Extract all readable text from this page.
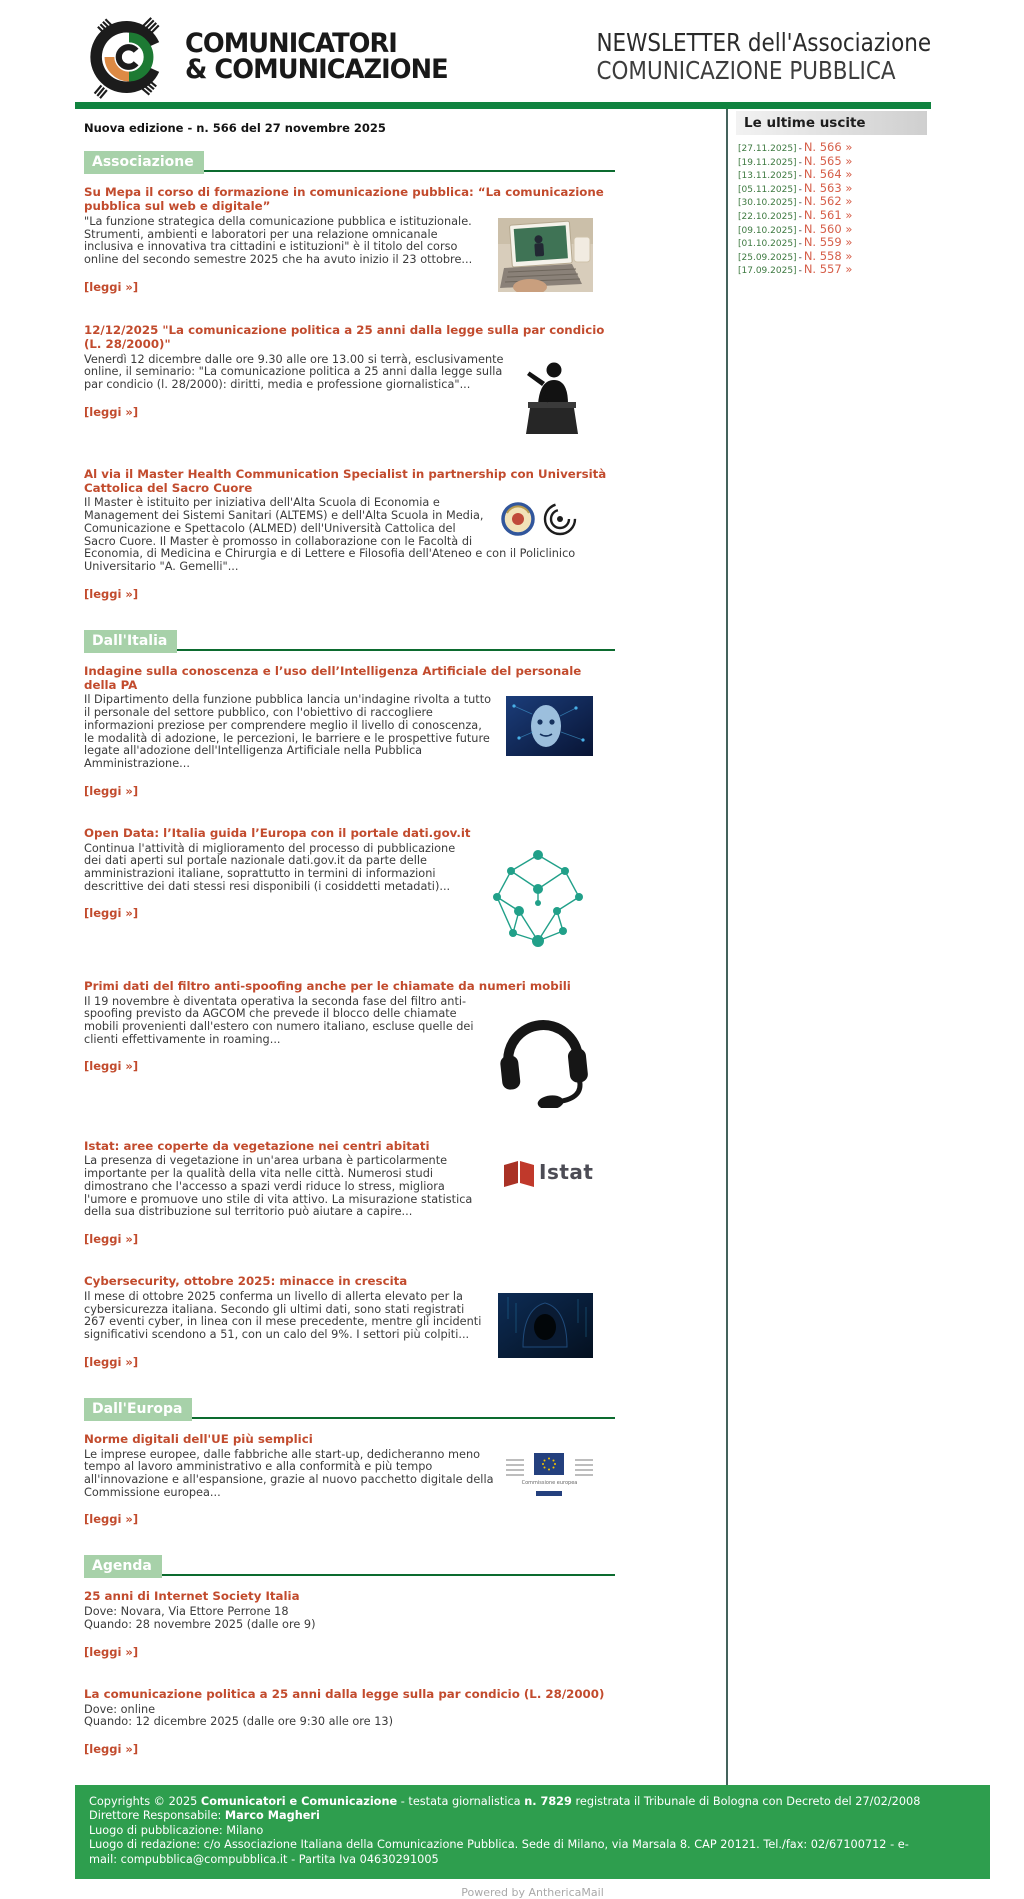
COMUNICATORI
& COMUNICAZIONE
NEWSLETTER dell'Associazione
COMUNICAZIONE PUBBLICA

Nuova edizione - n. 566 del 27 novembre 2025

Associazione
Su Mepa il corso di formazione in comunicazione pubblica: “La comunicazione pubblica sul web e digitale”

"La funzione strategica della comunicazione pubblica e istituzionale. Strumenti, ambienti e laboratori per una relazione omnicanale inclusiva e innovativa tra cittadini e istituzioni" è il titolo del corso online del secondo semestre 2025 che ha avuto inizio il 23 ottobre...

[leggi »]
12/12/2025 "La comunicazione politica a 25 anni dalla legge sulla par condicio (L. 28/2000)"

Venerdì 12 dicembre dalle ore 9.30 alle ore 13.00 si terrà, esclusivamente online, il seminario: "La comunicazione politica a 25 anni dalla legge sulla par condicio (l. 28/2000): diritti, media e professione giornalistica"...

[leggi »]
Al via il Master Health Communication Specialist in partnership con Università Cattolica del Sacro Cuore

Il Master è istituito per iniziativa dell'Alta Scuola di Economia e Management dei Sistemi Sanitari (ALTEMS) e dell'Alta Scuola in Media, Comunicazione e Spettacolo (ALMED) dell'Università Cattolica del Sacro Cuore. Il Master è promosso in collaborazione con le Facoltà di Economia, di Medicina e Chirurgia e di Lettere e Filosofia dell'Ateneo e con il Policlinico Universitario "A. Gemelli"...

[leggi »]
Dall'Italia
Indagine sulla conoscenza e l’uso dell’Intelligenza Artificiale del personale della PA

Il Dipartimento della funzione pubblica lancia un'indagine rivolta a tutto il personale del settore pubblico, con l'obiettivo di raccogliere informazioni preziose per comprendere meglio il livello di conoscenza, le modalità di adozione, le percezioni, le barriere e le prospettive future legate all'adozione dell'Intelligenza Artificiale nella Pubblica Amministrazione...

[leggi »]
Open Data: l’Italia guida l’Europa con il portale dati.gov.it

Continua l'attività di miglioramento del processo di pubblicazione dei dati aperti sul portale nazionale dati.gov.it da parte delle amministrazioni italiane, soprattutto in termini di informazioni descrittive dei dati stessi resi disponibili (i cosiddetti metadati)...

[leggi »]
Primi dati del filtro anti-spoofing anche per le chiamate da numeri mobili

Il 19 novembre è diventata operativa la seconda fase del filtro anti-spoofing previsto da AGCOM che prevede il blocco delle chiamate mobili provenienti dall'estero con numero italiano, escluse quelle dei clienti effettivamente in roaming...

[leggi »]
Istat: aree coperte da vegetazione nei centri abitati
Istat

La presenza di vegetazione in un'area urbana è particolarmente importante per la qualità della vita nelle città. Numerosi studi dimostrano che l'accesso a spazi verdi riduce lo stress, migliora l'umore e promuove uno stile di vita attivo. La misurazione statistica della sua distribuzione sul territorio può aiutare a capire...

[leggi »]
Cybersecurity, ottobre 2025: minacce in crescita

Il mese di ottobre 2025 conferma un livello di allerta elevato per la cybersicurezza italiana. Secondo gli ultimi dati, sono stati registrati 267 eventi cyber, in linea con il mese precedente, mentre gli incidenti significativi scendono a 51, con un calo del 9%. I settori più colpiti...

[leggi »]
Dall'Europa
Norme digitali dell'UE più semplici
Commissione europea

Le imprese europee, dalle fabbriche alle start-up, dedicheranno meno tempo al lavoro amministrativo e alla conformità e più tempo all'innovazione e all'espansione, grazie al nuovo pacchetto digitale della Commissione europea...

[leggi »]
Agenda
25 anni di Internet Society Italia

Dove: Novara, Via Ettore Perrone 18

Quando: 28 novembre 2025 (dalle ore 9)

[leggi »]
La comunicazione politica a 25 anni dalla legge sulla par condicio (L. 28/2000)

Dove: online

Quando: 12 dicembre 2025 (dalle ore 9:30 alle ore 13)

[leggi »]
Le ultime uscite
[27.11.2025] - N. 566 »
[19.11.2025] - N. 565 »
[13.11.2025] - N. 564 »
[05.11.2025] - N. 563 »
[30.10.2025] - N. 562 »
[22.10.2025] - N. 561 »
[09.10.2025] - N. 560 »
[01.10.2025] - N. 559 »
[25.09.2025] - N. 558 »
[17.09.2025] - N. 557 »

Copyrights © 2025 Comunicatori e Comunicazione - testata giornalistica n. 7829 registrata il Tribunale di Bologna con Decreto del 27/02/2008

Direttore Responsabile: Marco Magheri

Luogo di pubblicazione: Milano

Luogo di redazione: c/o Associazione Italiana della Comunicazione Pubblica. Sede di Milano, via Marsala 8. CAP 20121. Tel./fax: 02/67100712 - e-mail: compubblica@compubblica.it - Partita Iva 04630291005

Powered by AnthericaMail
